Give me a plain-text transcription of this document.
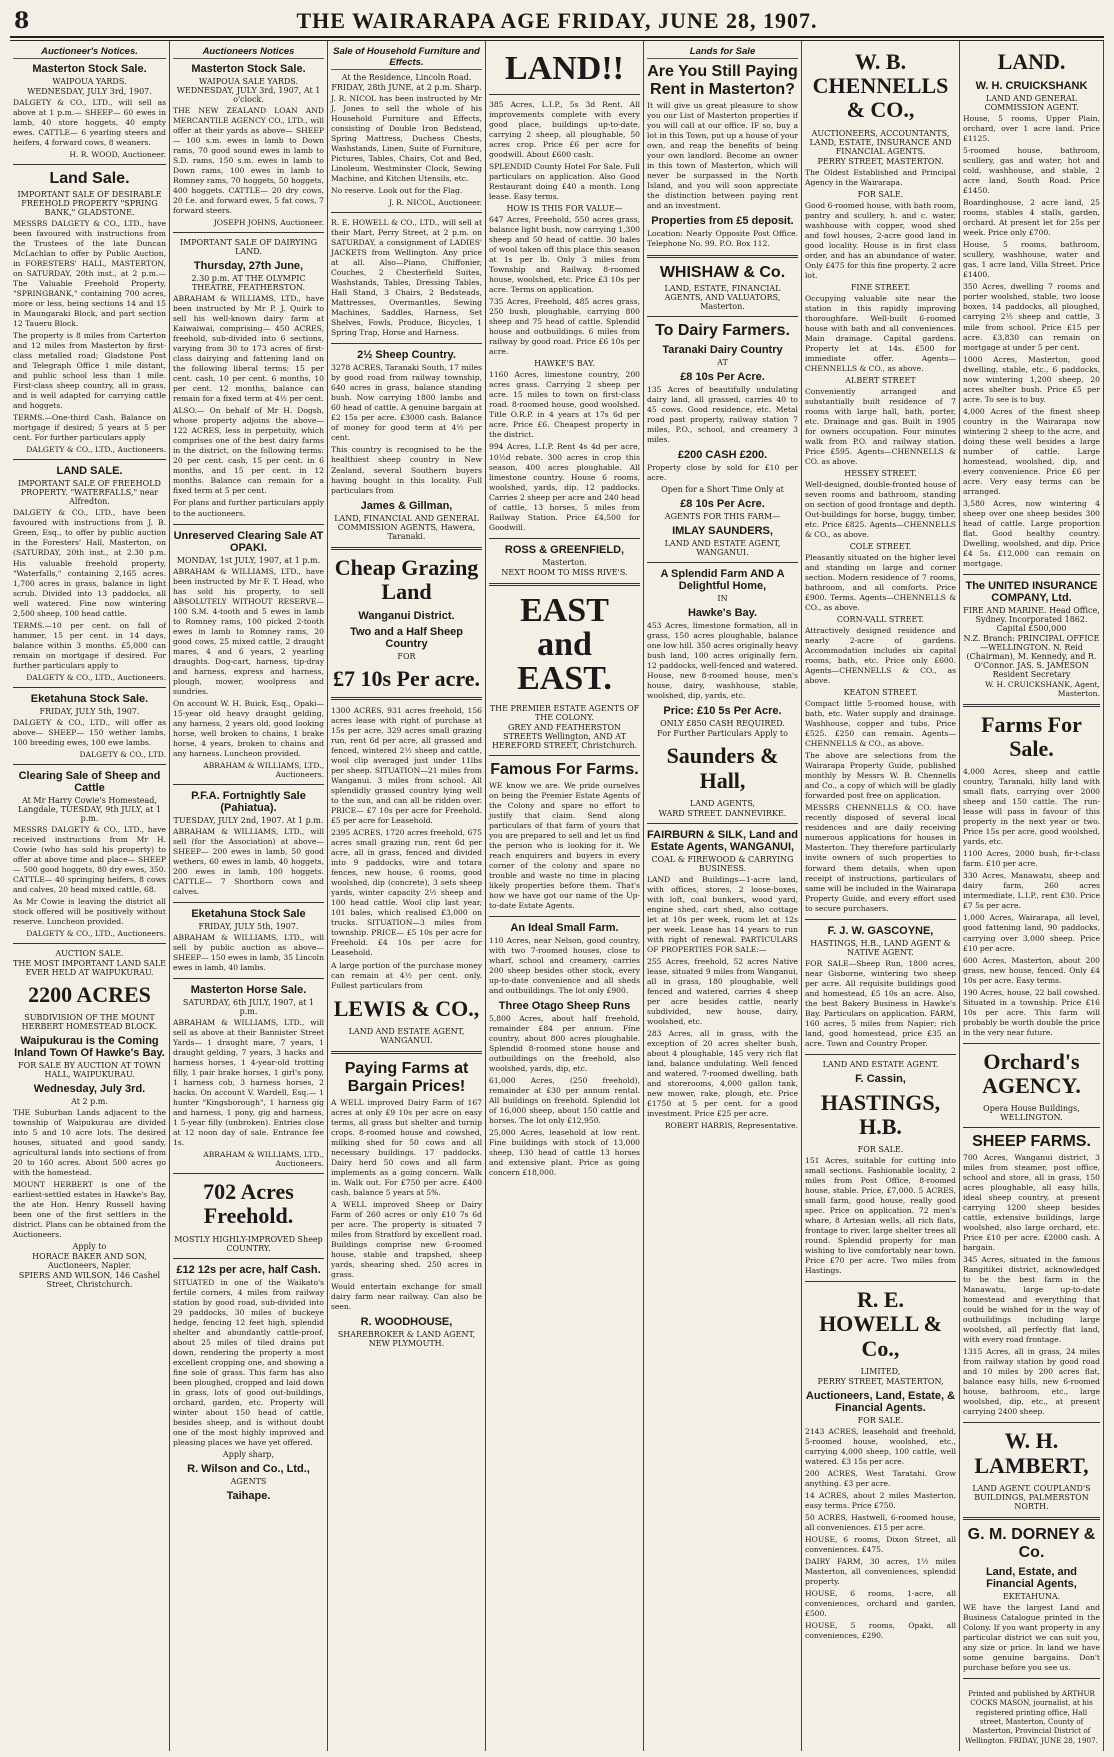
8	THE WAIRARAPA AGE FRIDAY, JUNE 28, 1907.
Auctioneer's Notices.
Masterton Stock Sale.
WAIPOUA YARDS.
WEDNESDAY, JULY 3rd, 1907.
DALGETY & CO., LTD., will sell as above at 1 p.m.— SHEEP— 60 ewes in lamb, 40 store hoggets, 40 empty ewes. CATTLE— 6 yearling steers and heifers, 4 forward cows, 8 weaners.
H. R. WOOD, Auctioneer.
Land Sale.
IMPORTANT SALE OF DESIRABLE FREEHOLD PROPERTY "SPRING BANK," GLADSTONE.
MESSRS DALGETY & CO., LTD., have been favoured with instructions from the Trustees of the late Duncan McLachlan to offer by Public Auction, in FORESTERS' HALL, MASTERTON, on SATURDAY, 20th inst., at 2 p.m.— The Valuable Freehold Property, "SPRINGBANK," containing 700 acres, more or less, being sections 14 and 15 in Maungaraki Block, and part section 12 Taueru Block.
The property is 8 miles from Carterton and 12 miles from Masterton by first-class metalled road; Gladstone Post and Telegraph Office 1 mile distant, and public school less than 1 mile. First-class sheep country, all in grass, and is well adapted for carrying cattle and hoggets.
TERMS.—One-third Cash. Balance on mortgage if desired; 5 years at 5 per cent. For further particulars apply
DALGETY & CO., LTD., Auctioneers.
LAND SALE.
IMPORTANT SALE OF FREEHOLD PROPERTY. "WATERFALLS," near Alfredton.
DALGETY & CO., LTD., have been favoured with instructions from J. B. Green, Esq., to offer by public auction in the Foresters' Hall, Masterton, on (SATURDAY, 20th inst., at 2.30 p.m. His valuable freehold property, "Waterfalls," containing 2,165 acres. 1,700 acres in grass, balance in light scrub. Divided into 13 paddocks, all well watered. Fine now wintering 2,500 sheep, 100 head cattle.
TERMS.—10 per cent. on fall of hammer, 15 per cent. in 14 days, balance within 3 months. £5,000 can remain on mortgage if desired. For further particulars apply to
DALGETY & CO., LTD., Auctioneers.
Eketahuna Stock Sale.
FRIDAY, JULY 5th, 1907.
DALGETY & CO., LTD., will offer as above— SHEEP— 150 wether lambs, 100 breeding ewes, 100 ewe lambs.
DALGETY & CO., LTD.
Clearing Sale of Sheep and Cattle
At Mr Harry Cowie's Homestead, Langdale, TUESDAY, 9th JULY, at 1 p.m.
MESSRS DALGETY & CO., LTD., have received instructions from Mr H. Cowie (who has sold his property) to offer at above time and place— SHEEP— 500 good hoggets, 80 dry ewes, 350. CATTLE— 40 springing heifers, 8 cows and calves, 20 head mixed cattle, 68.
As Mr Cowie is leaving the district all stock offered will be positively without reserve. Luncheon provided.
DALGETY & CO., LTD., Auctioneers.
AUCTION SALE.
THE MOST IMPORTANT LAND SALE EVER HELD AT WAIPUKURAU.
2200 ACRES
SUBDIVISION OF THE MOUNT HERBERT HOMESTEAD BLOCK.
Waipukurau is the Coming Inland Town Of Hawke's Bay.
FOR SALE BY AUCTION AT TOWN HALL, WAIPUKURAU.
Wednesday, July 3rd.
At 2 p.m.
THE Suburban Lands adjacent to the township of Waipukurau are divided into 5 and 10 acre lots. The desired houses, situated and good sandy, agricultural lands into sections of from 20 to 160 acres. About 500 acres go with the homestead.
MOUNT HERBERT is one of the earliest-settled estates in Hawke's Bay, the ate Hon. Henry Russell having been one of the first settlers in the district. Plans can be obtained from the Auctioneers.
Apply to
HORACE BAKER AND SON, Auctioneers, Napier.
SPIERS AND WILSON, 146 Cashel Street, Christchurch.
Auctioneers Notices
Masterton Stock Sale.
WAIPOUA SALE YARDS. WEDNESDAY, JULY 3rd, 1907, At 1 o'clock.
THE NEW ZEALAND LOAN AND MERCANTILE AGENCY CO., LTD., will offer at their yards as above— SHEEP— 100 s.m. ewes in lamb to Down rams, 70 good sound ewes in lamb to S.D. rams, 150 s.m. ewes in lamb to Down rams, 100 ewes in lamb to Romney rams, 70 hoggets, 50 hoggets, 400 hoggets. CATTLE— 20 dry cows, 20 f.e. and forward ewes, 5 fat cows, 7 forward steers.
JOSEPH JOHNS, Auctioneer.
IMPORTANT SALE OF DAIRYING LAND.
Thursday, 27th June,
2.30 p.m. AT THE OLYMPIC THEATRE, FEATHERSTON.
ABRAHAM & WILLIAMS, LTD., have been instructed by Mr P. J. Quirk to sell his well-known dairy farm at Kaiwaiwai, comprising— 450 ACRES, freehold, sub-divided into 6 sections, varying from 30 to 173 acres of first-class dairying and fattening land on the following liberal terms: 15 per cent. cash, 10 per cent. 6 months, 10 per cent. 12 months, balance can remain for a fixed term at 4½ per cent.
ALSO.— On behalf of Mr H. Dogsh, whose property adjoins the above— 122 ACRES, less in perpetuity, which comprises one of the best dairy farms in the district, on the following terms: 20 per cent. cash, 15 per cent. in 6 months, and 15 per cent. in 12 months. Balance can remain for a fixed term at 5 per cent.
For plans and further particulars apply to the auctioneers.
Unreserved Clearing Sale AT OPAKI.
MONDAY, 1st JULY, 1907, at 1 p.m.
ABRAHAM & WILLIAMS, LTD., have been instructed by Mr F. T. Head, who has sold his property, to sell ABSOLUTELY WITHOUT RESERVE— 100 S.M. 4-tooth and 5 ewes in lamb to Romney rams, 100 picked 2-tooth ewes in lamb to Romney rams, 20 good cows, 25 mixed cattle, 2 draught mares, 4 and 6 years, 2 yearling draughts. Dog-cart, harness, tip-dray and harness, express and harness, plough, mower, woolpress and sundries.
On account W. H. Buick, Esq., Opaki— 15-year old heavy draught gelding, any harness, 2 years old, good looking horse, well broken to chains, 1 brake horse, 4 years, broken to chains and any harness. Luncheon provided.
ABRAHAM & WILLIAMS, LTD., Auctioneers.
P.F.A. Fortnightly Sale (Pahiatua).
TUESDAY, JULY 2nd, 1907. At 1 p.m.
ABRAHAM & WILLIAMS, LTD., will sell (for the Association) at above— SHEEP— 200 ewes in lamb, 50 good wethers, 60 ewes in lamb, 40 hoggets, 200 ewes in lamb, 100 hoggets. CATTLE— 7 Shorthorn cows and calves.
Eketahuna Stock Sale
FRIDAY, JULY 5th, 1907.
ABRAHAM & WILLIAMS, LTD., will sell by public auction as above— SHEEP— 150 ewes in lamb, 35 Lincoln ewes in lamb, 40 lambs.
Masterton Horse Sale.
SATURDAY, 6th JULY, 1907, at 1 p.m.
ABRAHAM & WILLIAMS, LTD., will sell as above at their Bannister Street Yards— 1 draught mare, 7 years, 1 draught gelding, 7 years, 3 hacks and harness horses, 1 4-year-old trotting filly, 1 pair brake horses, 1 girl's pony, 1 harness cob, 3 harness horses, 2 hacks. On account V. Wardell, Esq.— 1 hunter "Kingsborough", 1 harness gig and harness, 1 pony, gig and harness, 1 5-year filly (unbroken). Entries close at 12 noon day of sale. Entrance fee 1s.
ABRAHAM & WILLIAMS, LTD., Auctioneers.
702 Acres Freehold.
MOSTLY HIGHLY-IMPROVED Sheep COUNTRY.
£12 12s per acre, half Cash.
SITUATED in one of the Waikato's fertile corners, 4 miles from railway station by good road, sub-divided into 29 paddocks, 30 miles of buckeye hedge, fencing 12 feet high, splendid shelter and abundantly cattle-proof, about 25 miles of tiled drains put down, rendering the property a most excellent cropping one, and showing a fine sole of grass. This farm has also been ploughed, cropped and laid down in grass, lots of good out-buildings, orchard, garden, etc. Property will winter about 150 head of cattle, besides sheep, and is without doubt one of the most highly improved and pleasing places we have yet offered.
Apply sharp,
R. Wilson and Co., Ltd.,
AGENTS
Taihape.
Sale of Household Furniture and Effects.
At the Residence, Lincoln Road.
FRIDAY, 28th JUNE, at 2 p.m. Sharp.
J. R. NICOL has been instructed by Mr J. Jones to sell the whole of his Household Furniture and Effects, consisting of Double Iron Bedstead, Spring Mattress, Duchess Chests, Washstands, Linen, Suite of Furniture, Pictures, Tables, Chairs, Cot and Bed, Linoleum, Westminster Clock, Sewing Machine, and Kitchen Utensils, etc.
No reserve. Look out for the Flag.
J. R. NICOL, Auctioneer.
R. E. HOWELL & CO., LTD., will sell at their Mart, Perry Street, at 2 p.m. on SATURDAY, a consignment of LADIES' JACKETS from Wellington. Any price at all. Also—Piano, Chiffonier, Couches, 2 Chesterfield Suites, Washstands, Tables, Dressing Tables, Hall Stand, 3 Chairs, 2 Bedsteads, Mattresses, Overmantles, Sewing Machines, Saddles, Harness, Set Shelves, Fowls, Produce, Bicycles, 1 Spring Trap, Horse and Harness.
2½ Sheep Country.
3278 ACRES, Taranaki South, 17 miles by good road from railway township, 640 acres in grass, balance standing bush. Now carrying 1800 lambs and 60 head of cattle. A genuine bargain at £2 15s per acre. £3000 cash. Balance of money for good term at 4½ per cent.
This country is recognised to be the healthiest sheep country in New Zealand, several Southern buyers having bought in this locality. Full particulars from
James & Gillman,
LAND, FINANCIAL AND GENERAL COMMISSION AGENTS, Hawera, Taranaki.
Cheap Grazing Land
Wanganui District.
Two and a Half Sheep Country
FOR
£7 10s Per acre.
1300 ACRES, 931 acres freehold, 156 acres lease with right of purchase at 15s per acre, 329 acres small grazing run, rent 6d per acre, all grassed and fenced, wintered 2½ sheep and cattle, wool clip averaged just under 11lbs per sheep. SITUATION—21 miles from Wanganui. 3 miles from school. All splendidly grassed country lying well to the sun, and can all be ridden over. PRICE— £7 10s per acre for Freehold. £5 per acre for Leasehold.
2395 ACRES, 1720 acres freehold, 675 acres small grazing run, rent 6d per acre, all in grass, fenced and divided into 9 paddocks, wire and totara fences, new house, 6 rooms, good woolshed, dip (concrete), 3 sets sheep yards, winter capacity 2½ sheep and 100 head cattle. Wool clip last year, 101 bales, which realised £3,000 on trucks. SITUATION—3 miles from township. PRICE— £5 10s per acre for Freehold. £4 10s per acre for Leasehold.
A large portion of the purchase money can remain at 4½ per cent. only. Fullest particulars from
LEWIS & CO.,
LAND AND ESTATE AGENT, WANGANUI.
Paying Farms at Bargain Prices!
A WELL improved Dairy Farm of 167 acres at only £9 10s per acre on easy terms, all grass but shelter and turnip crops. 8-roomed house and cowshed, milking shed for 50 cows and all necessary buildings. 17 paddocks. Dairy herd 50 cows and all farm implements as a going concern. Walk in. Walk out. For £750 per acre. £400 cash, balance 5 years at 5%.
A WELL improved Sheep or Dairy Farm of 260 acres or only £10 7s 6d per acre. The property is situated 7 miles from Stratford by excellent road. Buildings comprise new 6-roomed house, stable and trapshed, sheep yards, shearing shed. 250 acres in grass.
Would entertain exchange for small dairy farm near railway. Can also be seen.
R. WOODHOUSE,
SHAREBROKER & LAND AGENT, NEW PLYMOUTH.
LAND!!
385 Acres, L.I.P., 5s 3d Rent. All improvements complete with every good place, buildings up-to-date, carrying 2 sheep, all ploughable, 50 acres crop. Price £6 per acre for goodwill. About £600 cash.
SPLENDID County Hotel For Sale. Full particulars on application. Also Good Restaurant doing £40 a month. Long lease. Easy terms.
HOW IS THIS FOR VALUE—
647 Acres, Freehold, 550 acres grass, balance light bush, now carrying 1,300 sheep and 50 head of cattle. 30 bales of wool taken off this place this season at 1s per lb. Only 3 miles from Township and Railway. 8-roomed house, woolshed, etc. Price £3 10s per acre. Terms on application.
735 Acres, Freehold, 485 acres grass, 250 bush, ploughable, carrying 800 sheep and 75 head of cattle. Splendid house and outbuildings. 6 miles from railway by good road. Price £6 10s per acre.
HAWKE'S BAY.
1160 Acres, limestone country, 200 acres grass. Carrying 2 sheep per acre. 15 miles to town on first-class road. 8-roomed house, good woolshed. Title O.R.P. in 4 years at 17s 6d per acre. Price £6. Cheapest property in the district.
994 Acres, L.I.P. Rent 4s 4d per acre, 10½d rebate. 300 acres in crop this season, 400 acres ploughable. All limestone country. House 6 rooms, woolshed, yards, dip. 12 paddocks. Carries 2 sheep per acre and 240 head of cattle, 13 horses, 5 miles from Railway Station. Price £4,500 for Goodwill.
ROSS & GREENFIELD,
Masterton.
NEXT ROOM TO MISS RIVE'S.
EAST and EAST.
THE PREMIER ESTATE AGENTS OF THE COLONY.
GREY AND FEATHERSTON STREETS Wellington, AND AT HEREFORD STREET, Christchurch.
Famous For Farms.
WE know we are. We pride ourselves on being the Premier Estate Agents of the Colony and spare no effort to justify that claim. Send along particulars of that farm of yours that you are prepared to sell and let us find the person who is looking for it. We reach enquirers and buyers in every corner of the colony and spare no trouble and waste no time in placing likely properties before them. That's how we have got our name of the Up-to-date Estate Agents.
An Ideal Small Farm.
110 Acres, near Nelson, good country, with two 7-roomed houses, close to wharf, school and creamery, carries 200 sheep besides other stock, every up-to-date convenience and all sheds and outbuildings. The lot only £900.
Three Otago Sheep Runs
5,800 Acres, about half freehold, remainder £84 per annum. Fine country, about 800 acres ploughable. Splendid 8-roomed stone house and outbuildings on the freehold, also woolshed, yards, dip, etc.
61,000 Acres, (250 freehold), remainder at £30 per annum rental. All buildings on freehold. Splendid lot of 16,000 sheep, about 150 cattle and horses. The lot only £12,950.
25,000 Acres, leasehold at low rent. Fine buildings with stock of 13,000 sheep, 130 head of cattle 13 horses and extensive plant. Price as going concern £18,000.
Lands for Sale
Are You Still Paying Rent in Masterton?
It will give us great pleasure to show you our List of Masterton properties if you will call at our office. IF so, buy a lot in this Town, put up a house of your own, and reap the benefits of being your own landlord. Become an owner in this town of Masterton, which will never be surpassed in the North Island, and you will soon appreciate the distinction between paying rent and an investment.
Properties from £5 deposit.
Location: Nearly Opposite Post Office. Telephone No. 99. P.O. Box 112.
WHISHAW & Co.
LAND, ESTATE, FINANCIAL AGENTS, AND VALUATORS, Masterton.
To Dairy Farmers.
Taranaki Dairy Country
AT
£8 10s Per Acre.
135 Acres of beautifully undulating dairy land, all grassed, carries 40 to 45 cows. Good residence, etc. Metal road past property, railway station 7 miles, P.O., school, and creamery 3 miles.
£200 CASH £200.
Property close by sold for £10 per acre.
Open for a Short Time Only at
£8 10s Per Acre.
AGENTS FOR THIS FARM—
IMLAY SAUNDERS,
LAND AND ESTATE AGENT, WANGANUI.
A Splendid Farm AND A Delightful Home,
IN
Hawke's Bay.
453 Acres, limestone formation, all in grass, 150 acres ploughable, balance one low hill. 350 acres originally heavy bush land, 100 acres originally fern. 12 paddocks, well-fenced and watered. House, new 8-roomed house, men's house, dairy, washhouse, stable, woolshed, dip, yards, etc.
Price: £10 5s Per Acre.
ONLY £850 CASH REQUIRED.
For Further Particulars Apply to
Saunders & Hall,
LAND AGENTS,
WARD STREET. DANNEVIRKE.
FAIRBURN & SILK, Land and Estate Agents, WANGANUI,
COAL & FIREWOOD & CARRYING BUSINESS.
LAND and Buildings—1-acre land, with offices, stores, 2 loose-boxes, with loft, coal bunkers, wood yard, engine shed, cart shed, also cottage let at 10s per week, room let at 12s per week. Lease has 14 years to run with right of renewal. PARTICULARS OF PROPERTIES FOR SALE:—
255 Acres, freehold, 52 acres Native lease, situated 9 miles from Wanganui, all in grass, 180 ploughable, well fenced and watered, carries 4 sheep per acre besides cattle, nearly subdivided, new house, dairy, woolshed, etc.
283 Acres, all in grass, with the exception of 20 acres shelter bush, about 4 ploughable, 145 very rich flat land, balance undulating. Well fenced and watered. 7-roomed dwelling, bath and storerooms, 4,000 gallon tank, new mower, rake, plough, etc. Price £1750 at 5 per cent. for a good investment. Price £25 per acre.
ROBERT HARRIS, Representative.
W. B. CHENNELLS & CO.,
AUCTIONEERS, ACCOUNTANTS, LAND, ESTATE, INSURANCE AND FINANCIAL AGENTS.
PERRY STREET, MASTERTON.
The Oldest Established and Principal Agency in the Wairarapa.
FOR SALE.
Good 6-roomed house, with bath room, pantry and scullery, h. and c. water, washhouse with copper, wood shed and fowl houses, 2-acre good land in good locality. House is in first class order, and has an abundance of water. Only £475 for this fine property. 2 acre lot.
FINE STREET.
Occupying valuable site near the station in this rapidly improving thoroughfare. Well-built 6-roomed house with bath and all conveniences. Main drainage. Capital gardens. Property let at 14s. £500 for immediate offer. Agents—CHENNELLS & CO., as above.
ALBERT STREET
Conveniently arranged and substantially built residence of 7 rooms with large hall, bath, porter, etc. Drainage and gas. Built in 1905 for owners occupation. Four minutes walk from P.O. and railway station. Price £595. Agents—CHENNELLS & CO. as above.
HESSEY STREET.
Well-designed, double-fronted house of seven rooms and bathroom, standing on section of good frontage and depth. Out-buildings for horse, buggy, timber, etc. Price £825. Agents—CHENNELLS & CO., as above.
COLE STREET.
Pleasantly situated on the higher level and standing on large and corner section. Modern residence of 7 rooms, bathroom, and all comforts. Price £900. Terms. Agents—CHENNELLS & CO., as above.
CORN-VALL STREET.
Attractively designed residence and nearly 2-acre of gardens. Accommodation includes six capital rooms, bath, etc. Price only £600. Agents—CHENNELLS & CO., as above.
KEATON STREET.
Compact little 5-roomed house, with bath, etc. Water supply and drainage. Washhouse, copper and tubs. Price £525. £250 can remain. Agents—CHENNELLS & CO., as above.
The above are selections from the Wairarapa Property Guide, published monthly by Messrs W. B. Chennells and Co., a copy of which will be gladly forwarded post free on application.
MESSRS CHENNELLS & CO. have recently disposed of several local residences and are daily receiving numerous applications for houses in Masterton. They therefore particularly invite owners of such properties to forward them details, when upon receipt of instructions, particulars of same will be included in the Wairarapa Property Guide, and every effort used to secure purchasers.
F. J. W. GASCOYNE,
HASTINGS, H.B., LAND AGENT & NATIVE AGENT.
FOR SALE—Sheep Run, 1800 acres, near Gisborne, wintering two sheep per acre. All requisite buildings good and homestead, £5 10s an acre. Also, the best Bakery Business in Hawke's Bay. Particulars on application. FARM, 160 acres, 5 miles from Napier; rich land, good homestead, price £35 an acre. Town and Country Proper.
LAND AND ESTATE AGENT.
F. Cassin,
HASTINGS, H.B.
FOR SALE.
151 Acres, suitable for cutting into small sections. Fashionable locality, 2 miles from Post Office, 8-roomed house, stable. Price, £7,000. 5 ACRES, small farm, good house, really good spec. Price on application. 72 men's whare, 8 Artesian wells, all rich flats, frontage to river, large shelter trees all round. Splendid property for man wishing to live comfortably near town. Price £70 per acre. Two miles from Hastings.
R. E. HOWELL & Co.,
LIMITED,
PERRY STREET, MASTERTON,
Auctioneers, Land, Estate, & Financial Agents.
FOR SALE.
2143 ACRES, leasehold and freehold, 5-roomed house, woolshed, etc., carrying 4,000 sheep, 100 cattle, well watered. £3 15s per acre.
200 ACRES, West Taratahi. Grow anything. £3 per acre.
14 ACRES, about 2 miles Masterton, easy terms. Price £750.
50 ACRES, Hastwell, 6-roomed house, all conveniences. £15 per acre.
HOUSE, 6 rooms, Dixon Street, all conveniences. £475.
DAIRY FARM, 30 acres, 1½ miles Masterton, all conveniences, splendid property.
HOUSE, 6 rooms, 1-acre, all conveniences, orchard and garden, £500.
HOUSE, 5 rooms, Opaki, all conveniences, £290.
LAND.
W. H. CRUICKSHANK
LAND AND GENERAL COMMISSION AGENT.
House, 5 rooms, Upper Plain, orchard, over 1 acre land. Price £1125.
5-roomed house, bathroom, scullery, gas and water, hot and cold, washhouse, and stable, 2 acre land, South Road. Price £1450.
Boardinghouse, 2 acre land, 25 rooms, stables 4 stalls, garden, orchard. At present let for 25s per week. Price only £700.
House, 5 rooms, bathroom, scullery, washhouse, water and gas, 1 acre land, Villa Street. Price £1400.
350 Acres, dwelling 7 rooms and porter woolshed, stable, two loose boxes, 14 paddocks, all ploughed, carrying 2½ sheep and cattle, 3 mile from school. Price £15 per acre. £3,830 can remain on mortgage at under 5 per cent.
1000 Acres, Masterton, good dwelling, stable, etc., 6 paddocks, now wintering 1,200 sheep, 20 acres shelter bush. Price £5 per acre. To see is to buy.
4,000 Acres of the finest sheep country in the Wairarapa now wintering 2 sheep to the acre, and doing these well besides a large number of cattle. Large homestead, woolshed, dip, and every convenience. Price £6 per acre. Very easy terms can be arranged.
3,580 Acres, now wintering 4 sheep over one sheep besides 300 head of cattle. Large proportion flat. Good healthy country. Dwelling, woolshed, and dip. Price £4 5s. £12,000 can remain on mortgage.
The UNITED INSURANCE COMPANY, Ltd.
FIRE AND MARINE. Head Office, Sydney. Incorporated 1862. Capital £500,000
N.Z. Branch: PRINCIPAL OFFICE—WELLINGTON. N. Reid (Chairman), M. Kennedy, and R. O'Connor. JAS. S. JAMESON Resident Secretary
W. H. CRUICKSHANK, Agent, Masterton.
Farms For Sale.
4,000 Acres, sheep and cattle country, Taranaki, hilly land with small flats, carrying over 2000 sheep and 150 cattle. The run-lease will pass in favour of this property in the next year or two. Price 15s per acre, good woolshed, yards, etc.
1100 Acres, 2000 bush, fir-t-class farm. £10 per acre.
330 Acres, Manawatu, sheep and dairy farm, 260 acres intermediate, L.I.P., rent £30. Price £7 5s per acre.
1,000 Acres, Wairarapa, all level, good fattening land, 90 paddocks, carrying over 3,000 sheep. Price £10 per acre.
600 Acres, Masterton, about 200 grass, new house, fenced. Only £4 10s per acre. Easy terms.
190 Acres, house, 22 ball cowshed. Situated in a township. Price £16 10s per acre. This farm will probably be worth double the price in the very near future.
Orchard's AGENCY.
Opera House Buildings, WELLINGTON.
SHEEP FARMS.
700 Acres, Wanganui district, 3 miles from steamer, post office, school and store, all in grass, 150 acres ploughable, all easy hills, ideal sheep country, at present carrying 1200 sheep besides cattle, extensive buildings, large woolshed, also large orchard, etc. Price £10 per acre. £2000 cash. A bargain.
345 Acres, situated in the famous Rangitikei district, acknowledged to be the best farm in the Manawatu, large up-to-date homestead and everything that could be wished for in the way of outbuildings including large woolshed, all perfectly flat land, with every road frontage.
1315 Acres, all in grass, 24 miles from railway station by good road and 10 miles by 200 acres flat, balance easy hills, new 6-roomed house, bathroom, etc., large woolshed, dip, etc., at present carrying 2400 sheep.
W. H. LAMBERT,
LAND AGENT. COUPLAND'S BUILDINGS, PALMERSTON NORTH.
G. M. DORNEY & Co.
Land, Estate, and Financial Agents,
EKETAHUNA.
WE have the largest Land and Business Catalogue printed in the Colony. If you want property in any particular district we can suit you, any size or price. In land we have some genuine bargains. Don't purchase before you see us.
Printed and published by ARTHUR COCKS MASON, journalist, at his registered printing office, Hall street, Masterton, County of Masterton, Provincial District of Wellington. FRIDAY, JUNE 28, 1907.
